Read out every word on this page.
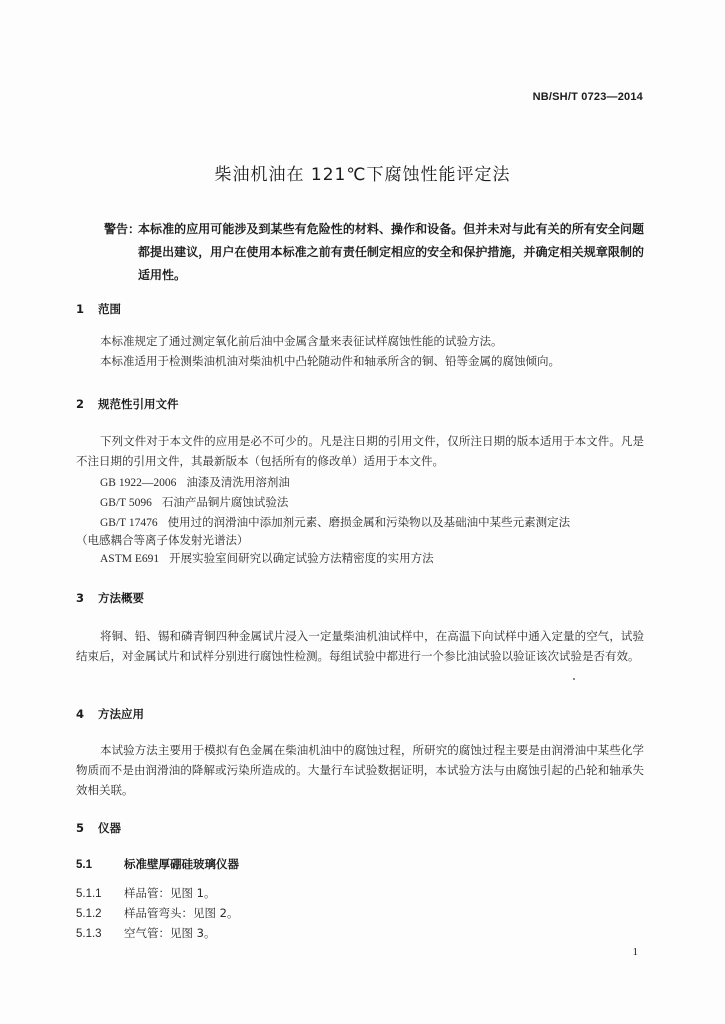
NB/SH/T 0723—2014
柴油机油在 121℃下腐蚀性能评定法
警告：
本标准的应用可能涉及到某些有危险性的材料、操作和设备。但并未对与此有关的所有安全问题都提出建议，用户在使用本标准之前有责任制定相应的安全和保护措施，并确定相关规章限制的适用性。
1 范围
本标准规定了通过测定氧化前后油中金属含量来表征试样腐蚀性能的试验方法。
本标准适用于检测柴油机油对柴油机中凸轮随动件和轴承所含的铜、铅等金属的腐蚀倾向。
2 规范性引用文件
下列文件对于本文件的应用是必不可少的。凡是注日期的引用文件，仅所注日期的版本适用于本文件。凡是不注日期的引用文件，其最新版本（包括所有的修改单）适用于本文件。
GB 1922—2006 油漆及清洗用溶剂油
GB/T 5096 石油产品铜片腐蚀试验法
GB/T 17476 使用过的润滑油中添加剂元素、磨损金属和污染物以及基础油中某些元素测定法
（电感耦合等离子体发射光谱法）
ASTM E691 开展实验室间研究以确定试验方法精密度的实用方法
3 方法概要
将铜、铅、锡和磷青铜四种金属试片浸入一定量柴油机油试样中，在高温下向试样中通入定量的空气，试验结束后，对金属试片和试样分别进行腐蚀性检测。每组试验中都进行一个参比油试验以验证该次试验是否有效。
4 方法应用
本试验方法主要用于模拟有色金属在柴油机油中的腐蚀过程，所研究的腐蚀过程主要是由润滑油中某些化学物质而不是由润滑油的降解或污染所造成的。大量行车试验数据证明，本试验方法与由腐蚀引起的凸轮和轴承失效相关联。
5 仪器
5.1	标准壁厚硼硅玻璃仪器
5.1.1 样品管：见图 1。
5.1.2 样品管弯头：见图 2。
5.1.3 空气管：见图 3。
1
